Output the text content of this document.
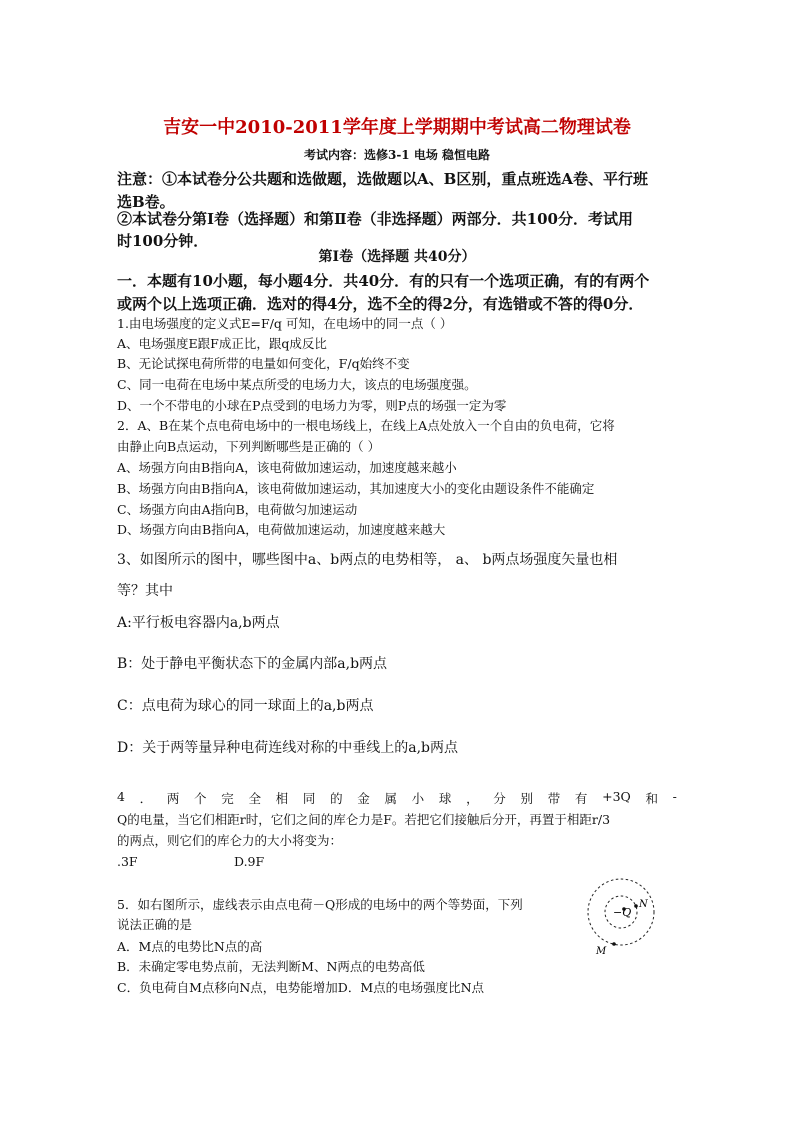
吉安一中2010-2011学年度上学期期中考试高二物理试卷
考试内容：选修3-1 电场 稳恒电路
注意：①本试卷分公共题和选做题，选做题以A、B区别，重点班选A卷、平行班
选B卷。
②本试卷分第Ⅰ卷（选择题）和第Ⅱ卷（非选择题）两部分．共100分．考试用
时100分钟．
第Ⅰ卷（选择题 共40分）
一．本题有10小题，每小题4分．共40分．有的只有一个选项正确，有的有两个
或两个以上选项正确．选对的得4分，选不全的得2分，有选错或不答的得0分．
1.由电场强度的定义式E=F/q 可知，在电场中的同一点（ ）
A、电场强度E跟F成正比，跟q成反比
B、无论试探电荷所带的电量如何变化，F/q始终不变
C、同一电荷在电场中某点所受的电场力大，该点的电场强度强。
D、一个不带电的小球在P点受到的电场力为零，则P点的场强一定为零
2．A、B在某个点电荷电场中的一根电场线上，在线上A点处放入一个自由的负电荷，它将
由静止向B点运动，下列判断哪些是正确的（ ）
A、场强方向由B指向A，该电荷做加速运动，加速度越来越小
B、场强方向由B指向A，该电荷做加速运动，其加速度大小的变化由题设条件不能确定
C、场强方向由A指向B，电荷做匀加速运动
D、场强方向由B指向A，电荷做加速运动，加速度越来越大
3、如图所示的图中，哪些图中a、b两点的电势相等， a、 b两点场强度矢量也相
等？其中
A:平行板电容器内a,b两点
B：处于静电平衡状态下的金属内部a,b两点
C：点电荷为球心的同一球面上的a,b两点
D：关于两等量异种电荷连线对称的中垂线上的a,b两点
4 ． 两 个 完 全 相 同 的 金 属 小 球 ， 分 别 带 有 +3Q 和 -
Q的电量，当它们相距r时，它们之间的库仑力是F。若把它们接触后分开，再置于相距r/3
的两点，则它们的库仑力的大小将变为：
.3F	D.9F
5．如右图所示，虚线表示由点电荷－Q形成的电场中的两个等势面，下列
说法正确的是
A．M点的电势比N点的高
B．未确定零电势点前，无法判断M、N两点的电势高低
C．负电荷自M点移向N点，电势能增加D．M点的电场强度比N点
−Q
N
M
